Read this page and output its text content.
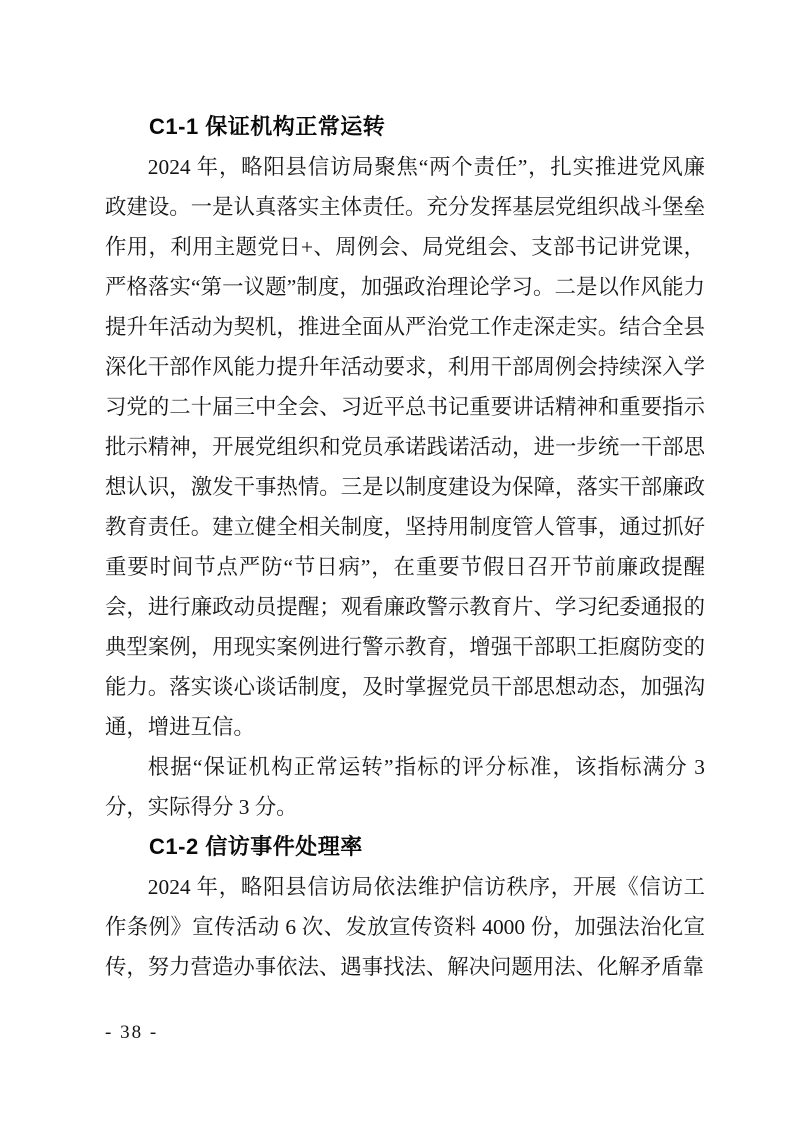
C1-1 保证机构正常运转

2024 年，略阳县信访局聚焦“两个责任”，扎实推进党风廉政建设。一是认真落实主体责任。充分发挥基层党组织战斗堡垒作用，利用主题党日+、周例会、局党组会、支部书记讲党课，严格落实“第一议题”制度，加强政治理论学习。二是以作风能力提升年活动为契机，推进全面从严治党工作走深走实。结合全县深化干部作风能力提升年活动要求，利用干部周例会持续深入学习党的二十届三中全会、习近平总书记重要讲话精神和重要指示批示精神，开展党组织和党员承诺践诺活动，进一步统一干部思想认识，激发干事热情。三是以制度建设为保障，落实干部廉政教育责任。建立健全相关制度，坚持用制度管人管事，通过抓好重要时间节点严防“节日病”，在重要节假日召开节前廉政提醒会，进行廉政动员提醒；观看廉政警示教育片、学习纪委通报的典型案例，用现实案例进行警示教育，增强干部职工拒腐防变的能力。落实谈心谈话制度，及时掌握党员干部思想动态，加强沟通，增进互信。

根据“保证机构正常运转”指标的评分标准，该指标满分 3 分，实际得分 3 分。

C1-2 信访事件处理率

2024 年，略阳县信访局依法维护信访秩序，开展《信访工作条例》宣传活动 6 次、发放宣传资料 4000 份，加强法治化宣传，努力营造办事依法、遇事找法、解决问题用法、化解矛盾靠

- 38 -
